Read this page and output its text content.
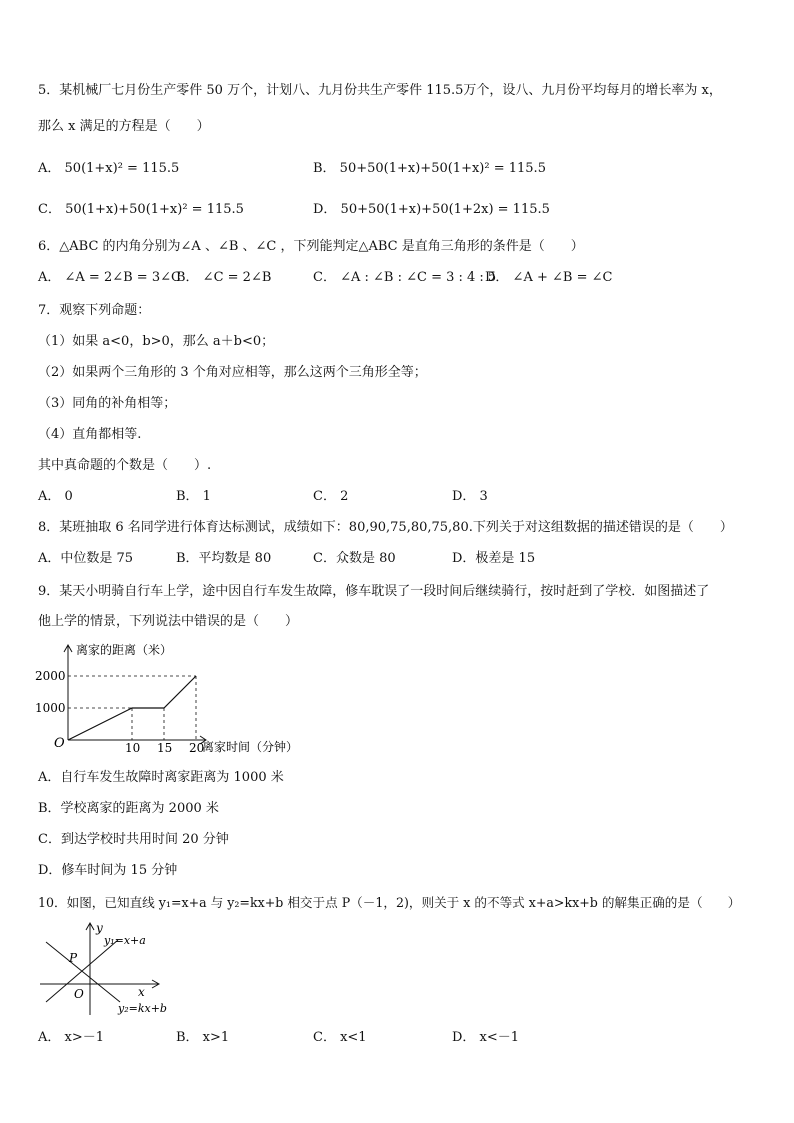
5．某机械厂七月份生产零件 50 万个，计划八、九月份共生产零件 115.5万个，设八、九月份平均每月的增长率为 x，
那么 x 满足的方程是（　　）
A． 50(1+x)² = 115.5	B． 50+50(1+x)+50(1+x)² = 115.5
C． 50(1+x)+50(1+x)² = 115.5	D． 50+50(1+x)+50(1+2x) = 115.5
6．△ABC 的内角分别为∠A 、∠B 、∠C ，下列能判定△ABC 是直角三角形的条件是（　　）
A． ∠A = 2∠B = 3∠C
B． ∠C = 2∠B	C． ∠A : ∠B : ∠C = 3 : 4 : 5
D． ∠A + ∠B = ∠C
7．观察下列命题：
（1）如果 a<0，b>0，那么 a＋b<0；
（2）如果两个三角形的 3 个角对应相等，那么这两个三角形全等；
（3）同角的补角相等；
（4）直角都相等.
其中真命题的个数是（　　）.
A． 0	B． 1	C． 2	D． 3
8．某班抽取 6 名同学进行体育达标测试，成绩如下：80,90,75,80,75,80.下列关于对这组数据的描述错误的是（　　）
A．中位数是 75	B．平均数是 80	C．众数是 80	D．极差是 15
9．某天小明骑自行车上学，途中因自行车发生故障，修车耽误了一段时间后继续骑行，按时赶到了学校．如图描述了
他上学的情景，下列说法中错误的是（　　）
离家的距离（米）
离家时间（分钟）
O	10 15 20
1000
2000
A．自行车发生故障时离家距离为 1000 米
B．学校离家的距离为 2000 米
C．到达学校时共用时间 20 分钟
D．修车时间为 15 分钟
10．如图，已知直线 y₁=x+a 与 y₂=kx+b 相交于点 P（－1，2)，则关于 x 的不等式 x+a>kx+b 的解集正确的是（　　）
y
x
O
P
y₁=x+a
y₂=kx+b
A． x>－1	B． x>1	C． x<1	D． x<－1
